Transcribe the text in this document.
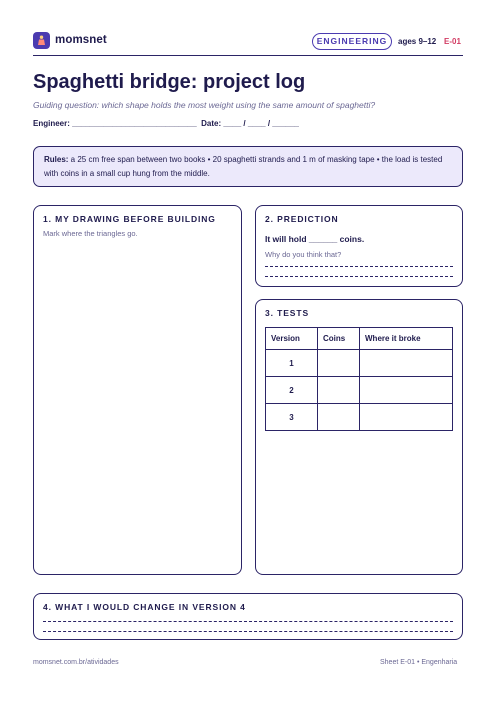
momsnet	ENGINEERING	ages 9–12 E-01
Spaghetti bridge: project log
Guiding question: which shape holds the most weight using the same amount of spaghetti?
Engineer: ____________________________  Date: ____ / ____ / ______
Rules: a 25 cm free span between two books • 20 spaghetti strands and 1 m of masking tape • the load is tested with coins in a small cup hung from the middle.
1. MY DRAWING BEFORE BUILDING
Mark where the triangles go.
2. PREDICTION
It will hold ______ coins.
Why do you think that?
3. TESTS
Version	Coins	Where it broke
1		
2		
3		
4. WHAT I WOULD CHANGE IN VERSION 4
momsnet.com.br/atividades	Sheet E-01 • Engenharia
